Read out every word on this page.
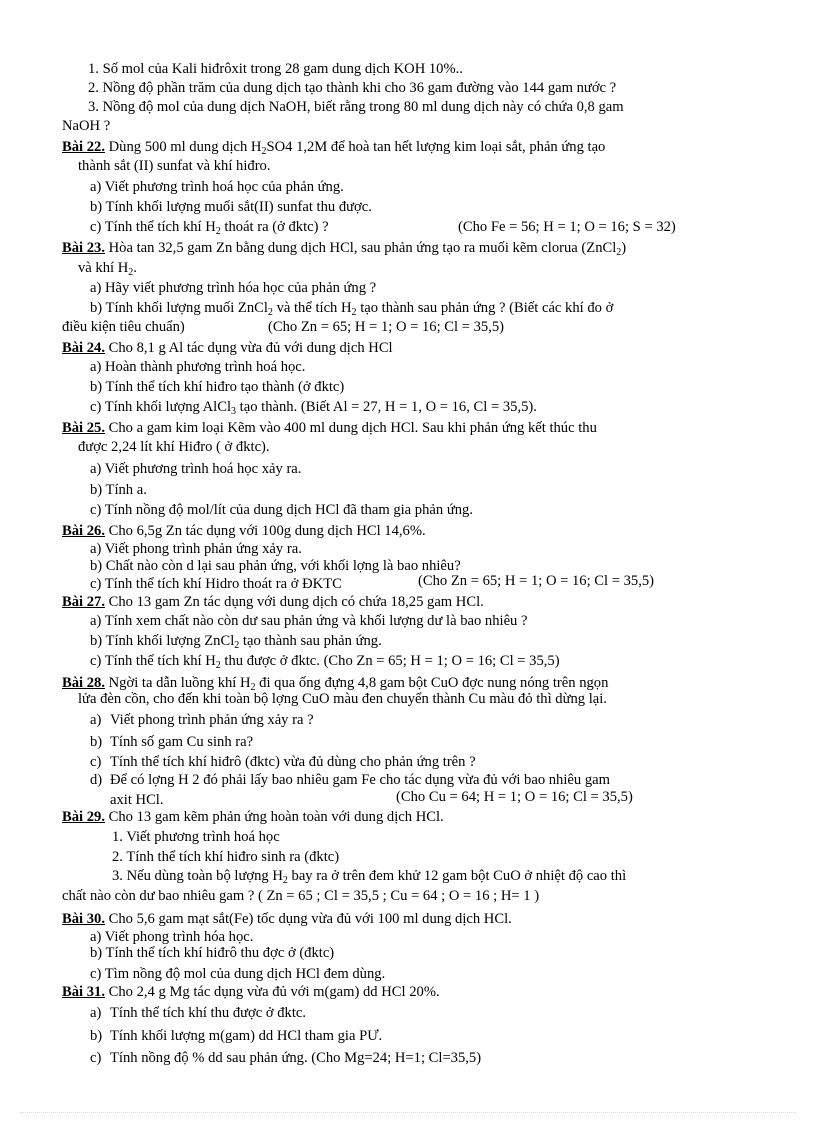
1. Số mol của Kali hiđrôxit trong 28 gam dung dịch KOH 10%..
2. Nồng độ phần trăm của dung dịch tạo thành khi cho 36 gam đường vào 144 gam nước ?
3. Nồng độ mol của dung dịch NaOH, biết rằng trong 80 ml dung dịch này có chứa 0,8 gam
NaOH ?
Bài 22. Dùng 500 ml dung dịch $H_2SO4$ 1,2M để hoà tan hết lượng kim loại sắt, phản ứng tạo
thành sắt (II) sunfat và khí hiđro.
a) Viết phương trình hoá học của phản ứng.
b) Tính khối lượng muối sắt(II) sunfat thu được.
c) Tính thể tích khí $H_2$ thoát ra (ở đktc) ?	(Cho Fe = 56; H = 1; O = 16; S = 32)
Bài 23. Hòa tan 32,5 gam Zn bằng dung dịch HCl, sau phản ứng tạo ra muối kẽm clorua (ZnCl$_2$)
và khí $H_2$.
a) Hãy viết phương trình hóa học của phản ứng ?
b) Tính khối lượng muối ZnCl$_2$ và thể tích $H_2$ tạo thành sau phản ứng ? (Biết các khí đo ở
điều kiện tiêu chuẩn)	(Cho Zn = 65; H = 1; O = 16; Cl = 35,5)
Bài 24. Cho 8,1 g Al tác dụng vừa đủ với dung dịch HCl
a) Hoàn thành phương trình hoá học.
b) Tính thể tích khí hiđro tạo thành (ở đktc)
c) Tính khối lượng AlCl$_3$ tạo thành. (Biết Al = 27, H = 1, O = 16, Cl = 35,5).
Bài 25. Cho a gam kim loại Kẽm vào 400 ml dung dịch HCl. Sau khi phản ứng kết thúc thu
được 2,24 lít khí Hiđro ( ở đktc).
a) Viết phương trình hoá học xảy ra.
b) Tính a.
c) Tính nồng độ mol/lít của dung dịch HCl đã tham gia phản ứng.
Bài 26. Cho 6,5g Zn tác dụng với 100g dung dịch HCl 14,6%.
a) Viết phong trình phản ứng xảy ra.
b) Chất nào còn d lại sau phản ứng, với khối lợng là bao nhiêu?
c) Tính thể tích khí Hidro thoát ra ở ĐKTC	(Cho Zn = 65; H = 1; O = 16; Cl = 35,5)
Bài 27. Cho 13 gam Zn tác dụng với dung dịch có chứa 18,25 gam HCl.
a) Tính xem chất nào còn dư sau phản ứng và khối lượng dư là bao nhiêu ?
b) Tính khối lượng ZnCl$_2$ tạo thành sau phản ứng.
c) Tính thể tích khí $H_2$ thu được ở đktc. (Cho Zn = 65; H = 1; O = 16; Cl = 35,5)
Bài 28. Ngời ta dẫn luồng khí $H_2$ đi qua ống đựng 4,8 gam bột CuO đợc nung nóng trên ngọn
lửa đèn cồn, cho đến khi toàn bộ lợng CuO màu đen chuyển thành Cu màu đỏ thì dừng lại.
a) Viết phong trình phản ứng xảy ra ?
b) Tính số gam Cu sinh ra?
c) Tính thể tích khí hiđrô (đktc) vừa đủ dùng cho phản ứng trên ?
d) Để có lợng H 2 đó phải lấy bao nhiêu gam Fe cho tác dụng vừa đủ với bao nhiêu gam
axit HCl.	(Cho Cu = 64; H = 1; O = 16; Cl = 35,5)
Bài 29. Cho 13 gam kẽm phản ứng hoàn toàn với dung dịch HCl.
1. Viết phương trình hoá học
2. Tính thể tích khí hiđro sinh ra (đktc)
3. Nếu dùng toàn bộ lượng $H_2$ bay ra ở trên đem khử 12 gam bột CuO ở nhiệt độ cao thì
chất nào còn dư bao nhiêu gam ? ( Zn = 65 ; Cl = 35,5 ; Cu = 64 ; O = 16 ; H= 1 )
Bài 30. Cho 5,6 gam mạt sắt(Fe) tốc dụng vừa đủ với 100 ml dung dịch HCl.
a) Viết phong trình hóa học.
b) Tính thể tích khí hiđrô thu đợc ở (đktc)
c) Tìm nồng độ mol của dung dịch HCl đem dùng.
Bài 31. Cho 2,4 g Mg tác dụng vừa đủ với m(gam) dd HCl 20%.
a) Tính thể tích khí thu được ở đktc.
b) Tính khối lượng m(gam) dd HCl tham gia PƯ.
c) Tính nồng độ % dd sau phản ứng. (Cho Mg=24; H=1; Cl=35,5)
